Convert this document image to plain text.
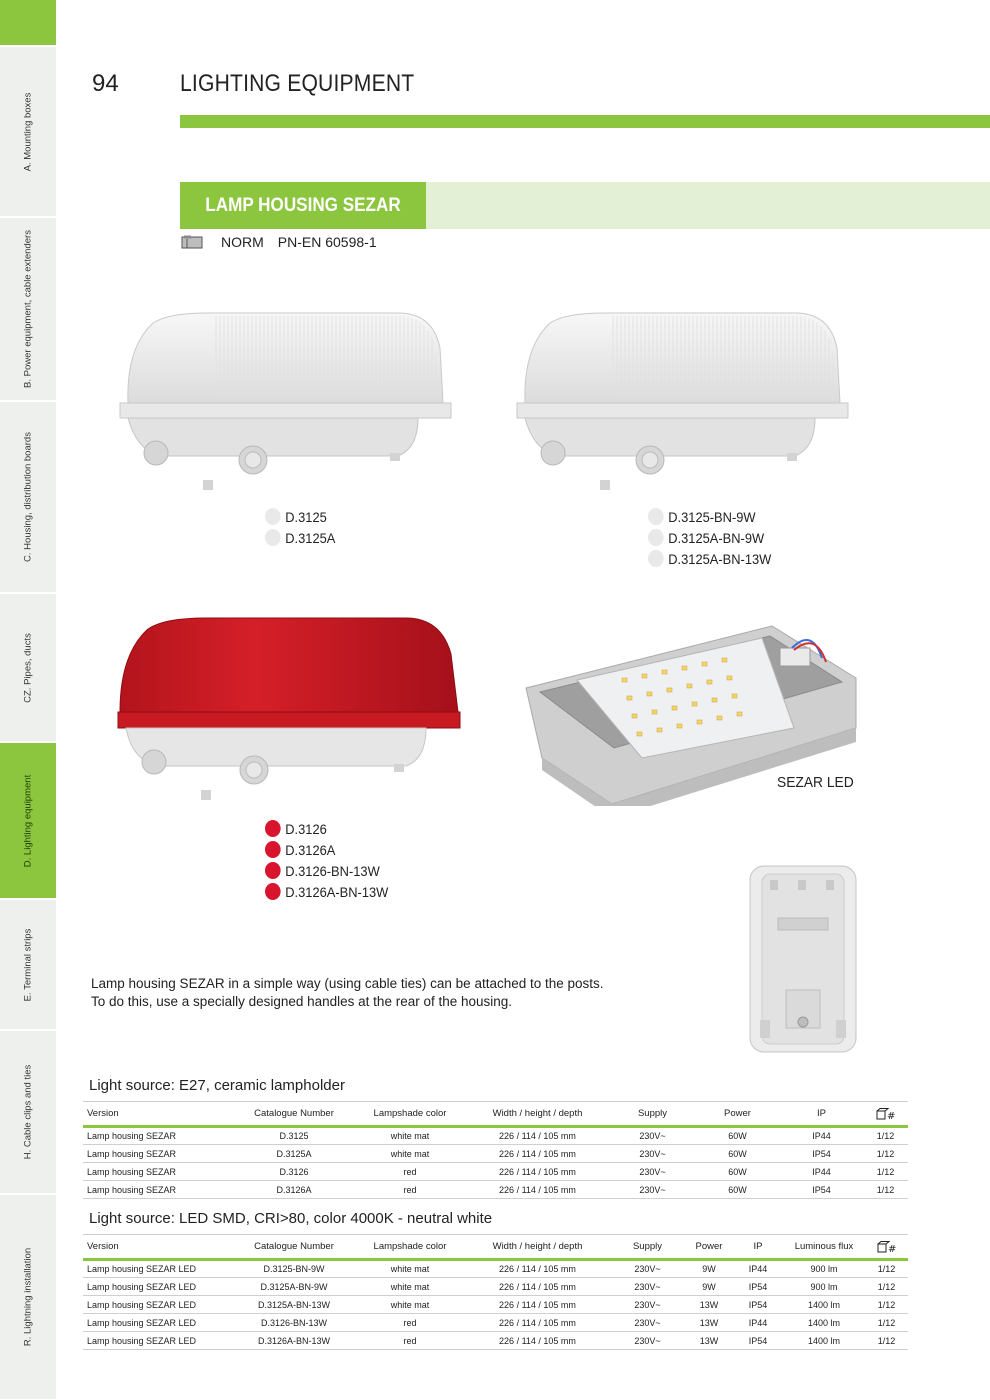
A. Mounting boxes
B. Power equipment, cable extenders
C. Housing, distribution boards
CZ. Pipes, ducts
D. Lighting equipment
E. Terminal strips
H. Cable clips and ties
R. Lightning installation
94	LIGHTING EQUIPMENT
LAMP HOUSING SEZAR
NORM PN-EN 60598-1
D.3125
D.3125A
D.3125-BN-9W
D.3125A-BN-9W
D.3125A-BN-13W
D.3126
D.3126A
D.3126-BN-13W
D.3126A-BN-13W
SEZAR LED
Lamp housing SEZAR in a simple way (using cable ties) can be attached to the posts.
To do this, use a specially designed handles at the rear of the housing.
Light source: E27, ceramic lampholder
Version	Catalogue Number	Lampshade color	Width / height / depth	Supply	Power	IP	#

Lamp housing SEZAR	D.3125	white mat	226 / 114 / 105 mm	230V~	60W	IP44	1/12
Lamp housing SEZAR	D.3125A	white mat	226 / 114 / 105 mm	230V~	60W	IP54	1/12
Lamp housing SEZAR	D.3126	red	226 / 114 / 105 mm	230V~	60W	IP44	1/12
Lamp housing SEZAR	D.3126A	red	226 / 114 / 105 mm	230V~	60W	IP54	1/12
Light source: LED SMD, CRI>80, color 4000K - neutral white
Version	Catalogue Number	Lampshade color	Width / height / depth	Supply	Power	IP	Luminous flux	#

Lamp housing SEZAR LED	D.3125-BN-9W	white mat	226 / 114 / 105 mm	230V~	9W	IP44	900 lm	1/12
Lamp housing SEZAR LED	D.3125A-BN-9W	white mat	226 / 114 / 105 mm	230V~	9W	IP54	900 lm	1/12
Lamp housing SEZAR LED	D.3125A-BN-13W	white mat	226 / 114 / 105 mm	230V~	13W	IP54	1400 lm	1/12
Lamp housing SEZAR LED	D.3126-BN-13W	red	226 / 114 / 105 mm	230V~	13W	IP44	1400 lm	1/12
Lamp housing SEZAR LED	D.3126A-BN-13W	red	226 / 114 / 105 mm	230V~	13W	IP54	1400 lm	1/12
